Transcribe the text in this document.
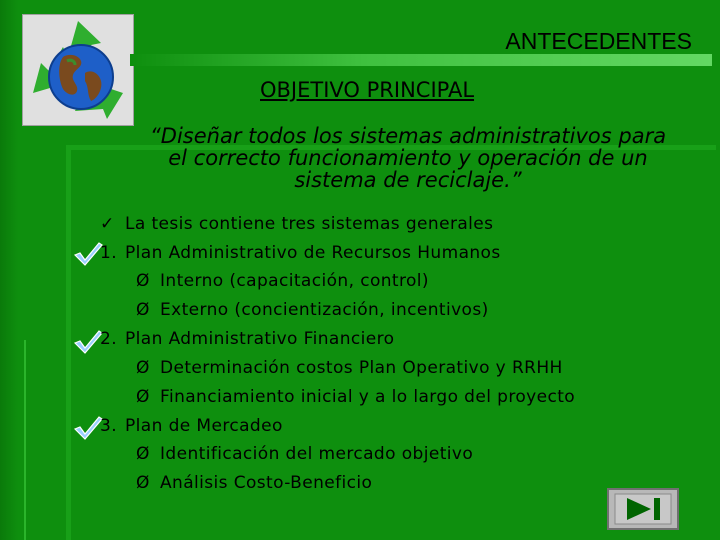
ANTECEDENTES
OBJETIVO PRINCIPAL
“Diseñar todos los sistemas administrativos para
el correcto funcionamiento y operación de un
sistema de reciclaje.”
✓ La tesis contiene tres sistemas generales
1. Plan Administrativo de Recursos Humanos
Ø Interno (capacitación, control)
Ø Externo (concientización, incentivos)
2. Plan Administrativo Financiero
Ø Determinación costos Plan Operativo y RRHH
Ø Financiamiento inicial y a lo largo del proyecto
3. Plan de Mercadeo
Ø Identificación del mercado objetivo
Ø Análisis Costo-Beneficio
